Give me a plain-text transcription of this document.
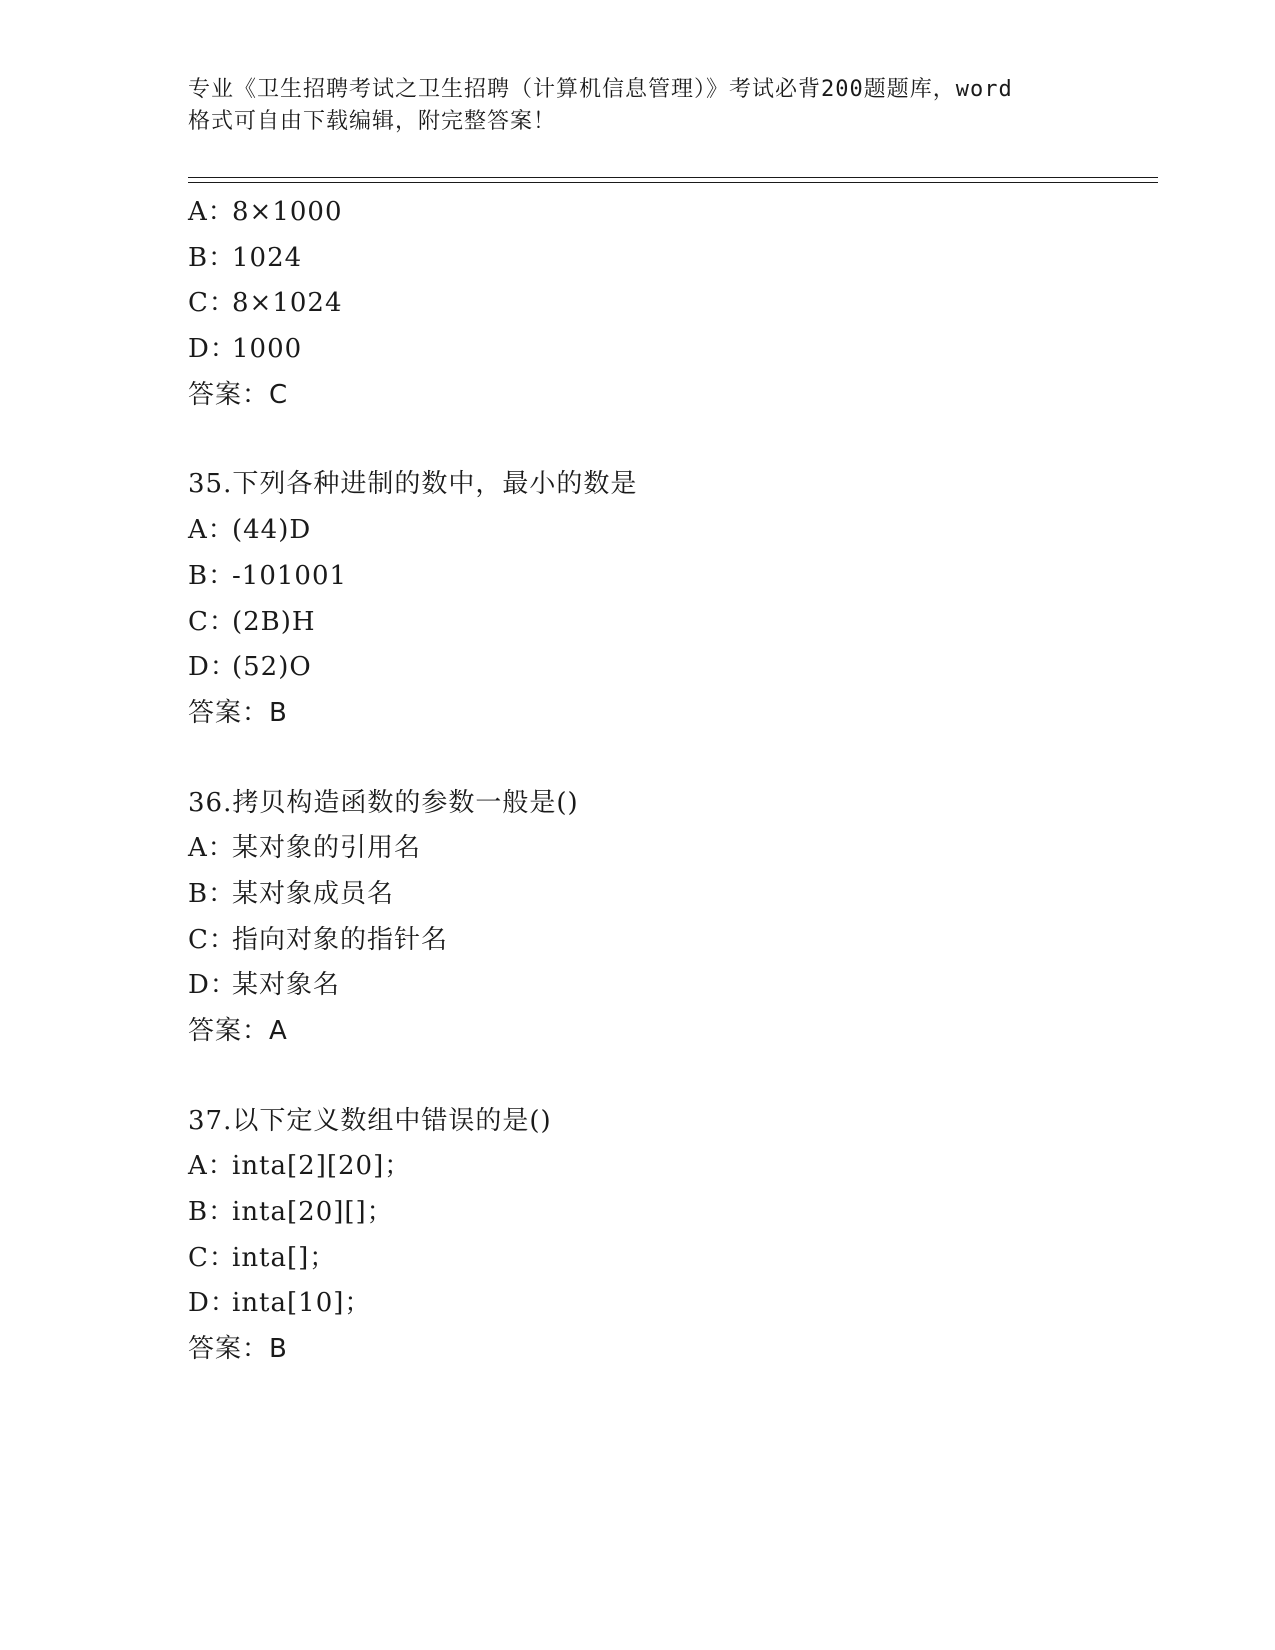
专业《卫生招聘考试之卫生招聘（计算机信息管理）》考试必背200题题库，word
格式可自由下载编辑，附完整答案！
A：8×1000
B：1024
C：8×1024
D：1000
答案：C
35.下列各种进制的数中，最小的数是
A：(44)D
B：-101001
C：(2B)H
D：(52)O
答案：B
36.拷贝构造函数的参数一般是()
A：某对象的引用名
B：某对象成员名
C：指向对象的指针名
D：某对象名
答案：A
37.以下定义数组中错误的是()
A：inta[2][20]；
B：inta[20][]；
C：inta[]；
D：inta[10]；
答案：B
